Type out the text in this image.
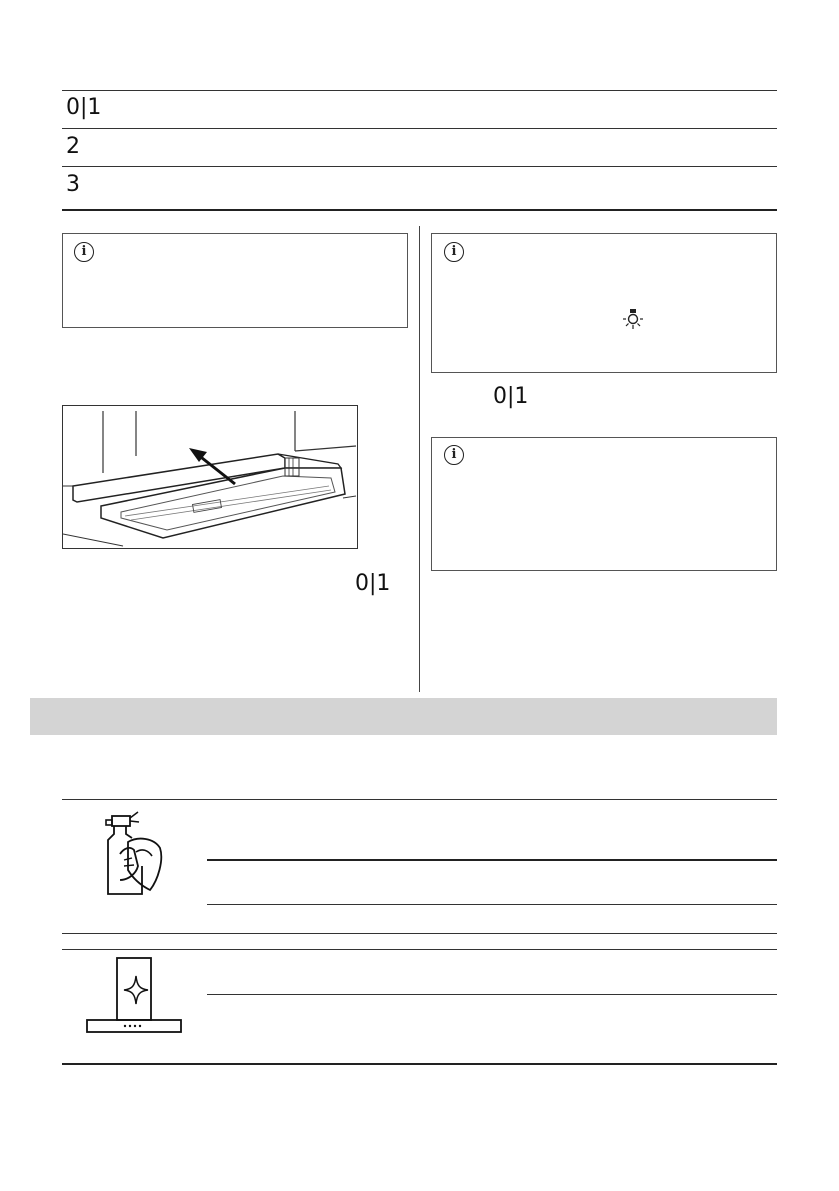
0|1
2
3
i
0|1
i
0|1
i
